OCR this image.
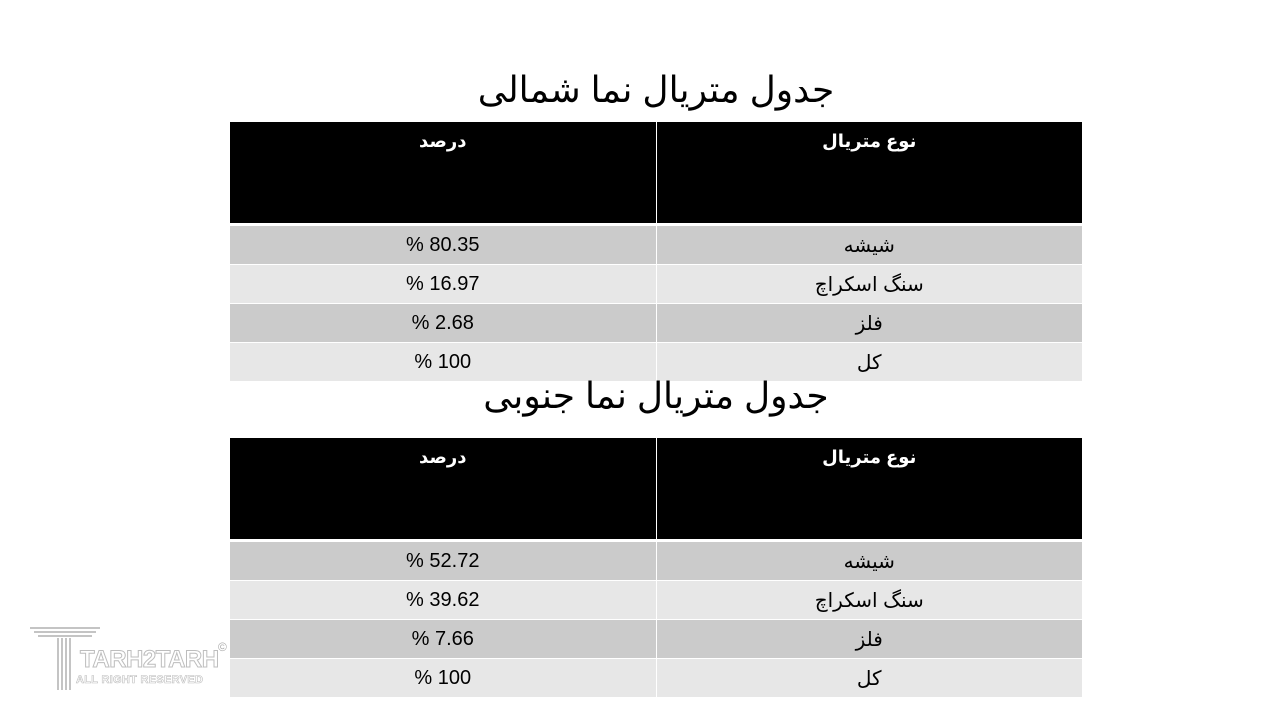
جدول متریال نما شمالی
درصد	نوع متریال
% 80.35	شیشه
% 16.97	سنگ اسکراچ
% 2.68	فلز
% 100	کل
جدول متریال نما جنوبی
درصد	نوع متریال
% 52.72	شیشه
% 39.62	سنگ اسکراچ
% 7.66	فلز
% 100	کل
TARH2TARH
ALL RIGHT RESERVED
©
